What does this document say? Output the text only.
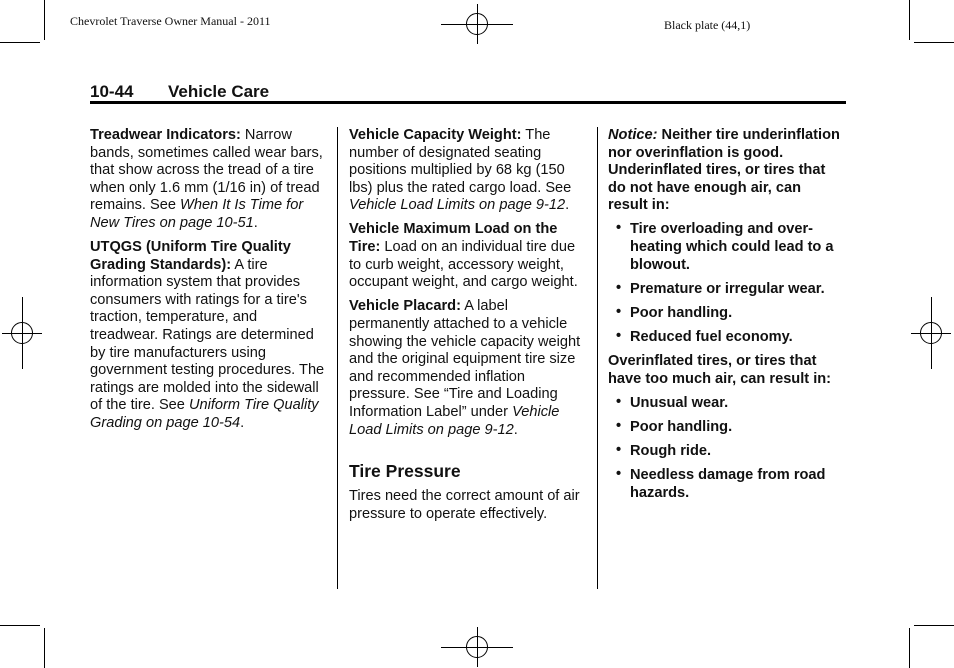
Chevrolet Traverse Owner Manual - 2011	Black plate (44,1)
10-44 Vehicle Care

Treadwear Indicators: Narrow bands, sometimes called wear bars, that show across the tread of a tire when only 1.6 mm (1/16 in) of tread remains. See When It Is Time for New Tires on page 10-51.

UTQGS (Uniform Tire Quality Grading Standards): A tire information system that provides consumers with ratings for a tire's traction, temperature, and treadwear. Ratings are determined by tire manufacturers using government testing procedures. The ratings are molded into the sidewall of the tire. See Uniform Tire Quality Grading on page 10-54.

Vehicle Capacity Weight: The number of designated seating positions multiplied by 68 kg (150 lbs) plus the rated cargo load. See Vehicle Load Limits on page 9-12.

Vehicle Maximum Load on the Tire: Load on an individual tire due to curb weight, accessory weight, occupant weight, and cargo weight.

Vehicle Placard: A label permanently attached to a vehicle showing the vehicle capacity weight and the original equipment tire size and recommended inflation pressure. See “Tire and Loading Information Label” under Vehicle Load Limits on page 9-12.

Tire Pressure

Tires need the correct amount of air pressure to operate effectively.

Notice: Neither tire underinflation nor overinflation is good. Underinflated tires, or tires that do not have enough air, can result in:

• Tire overloading and over-heating which could lead to a blowout.
• Premature or irregular wear.
• Poor handling.
• Reduced fuel economy.

Overinflated tires, or tires that have too much air, can result in:

• Unusual wear.
• Poor handling.
• Rough ride.
• Needless damage from road hazards.
